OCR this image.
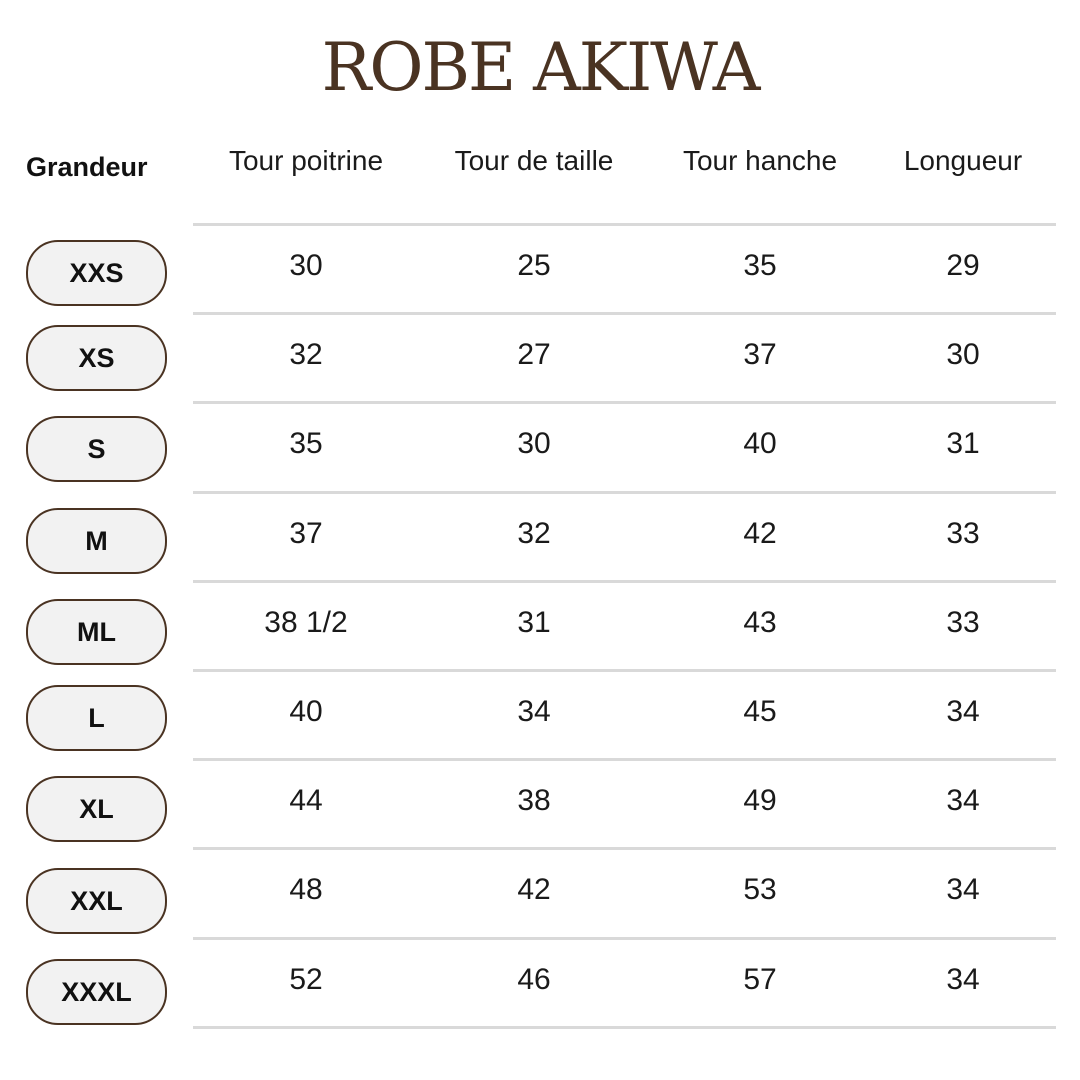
ROBE AKIWA
Grandeur	Tour poitrine	Tour de taille	Tour hanche	Longueur
XXS	30	25	35	29
XS	32	27	37	30
S	35	30	40	31
M	37	32	42	33
ML	38 1/2	31	43	33
L	40	34	45	34
XL	44	38	49	34
XXL	48	42	53	34
XXXL	52	46	57	34
